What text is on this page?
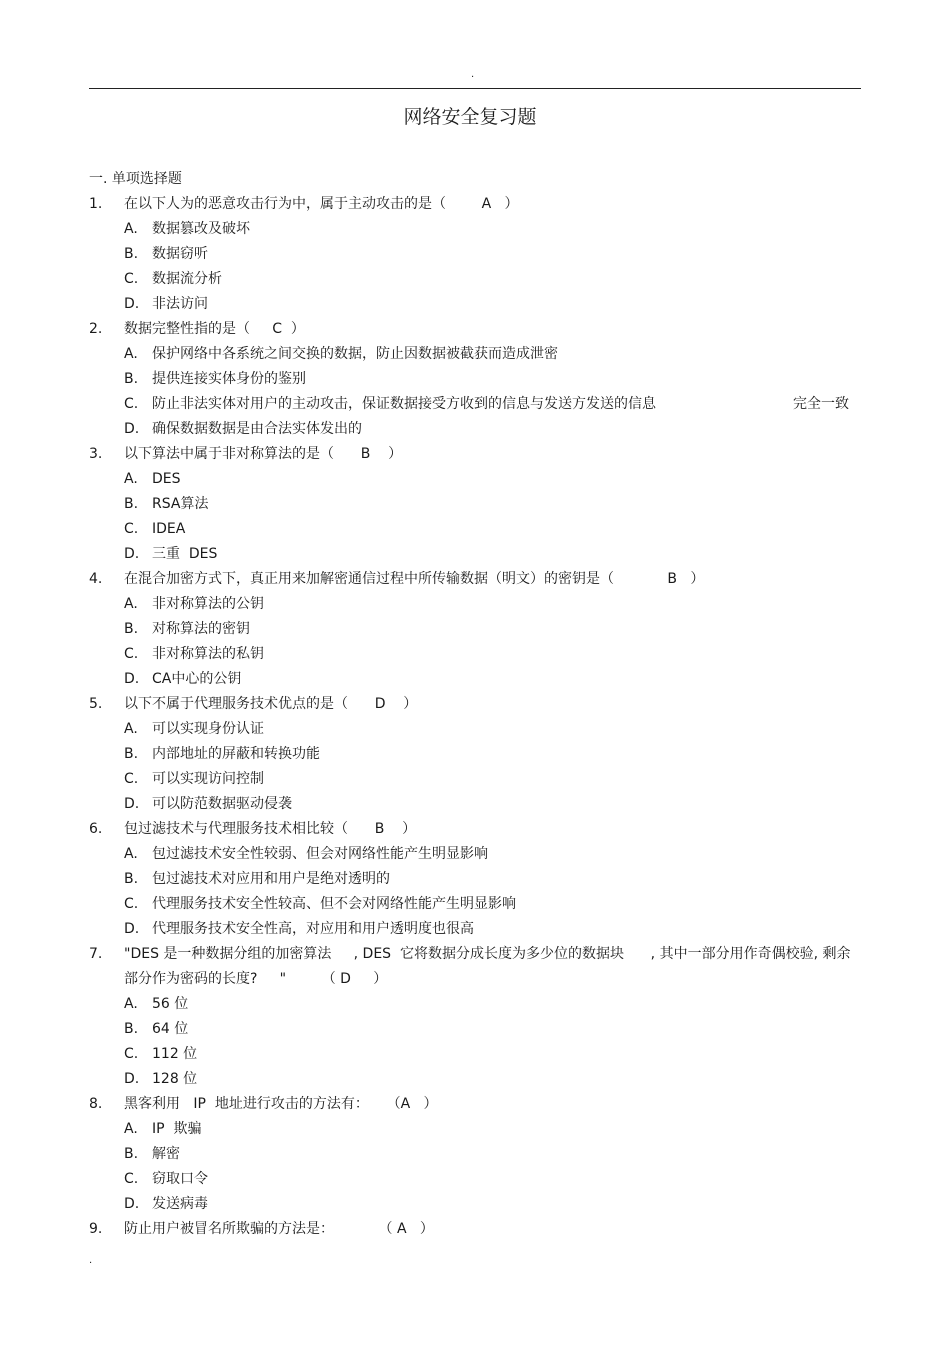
.
网络安全复习题
一. 单项选择题
1.	在以下人为的恶意攻击行为中，属于主动攻击的是（        A   ）
A.	数据篡改及破坏
B. 数据窃听
C. 数据流分析
D. 非法访问
2.	数据完整性指的是（     C  ）
A.	保护网络中各系统之间交换的数据，防止因数据被截获而造成泄密
B. 提供连接实体身份的鉴别
C. 防止非法实体对用户的主动攻击，保证数据接受方收到的信息与发送方发送的信息	完全一致
D. 确保数据数据是由合法实体发出的
3.	以下算法中属于非对称算法的是（      B    ）
A.	DES
B. RSA算法
C. IDEA
D. 三重  DES
4.	在混合加密方式下，真正用来加解密通信过程中所传输数据（明文）的密钥是（            B   ）
A.	非对称算法的公钥
B. 对称算法的密钥
C. 非对称算法的私钥
D. CA中心的公钥
5.	以下不属于代理服务技术优点的是（      D    ）
A.	可以实现身份认证
B. 内部地址的屏蔽和转换功能
C. 可以实现访问控制
D. 可以防范数据驱动侵袭
6.	包过滤技术与代理服务技术相比较（      B    ）
A.	包过滤技术安全性较弱、但会对网络性能产生明显影响
B. 包过滤技术对应用和用户是绝对透明的
C. 代理服务技术安全性较高、但不会对网络性能产生明显影响
D. 代理服务技术安全性高，对应用和用户透明度也很高
7.	"DES 是一种数据分组的加密算法     , DES  它将数据分成长度为多少位的数据块      , 其中一部分用作奇偶校验, 剩余部分作为密码的长度?     "        （ D     ）
A.	56 位
B. 64 位
C. 112 位
D. 128 位
8.	黑客利用   IP  地址进行攻击的方法有：    （A   ）
A.	IP  欺骗
B. 解密
C. 窃取口令
D. 发送病毒
9.	防止用户被冒名所欺骗的方法是：          （ A   ）
.
